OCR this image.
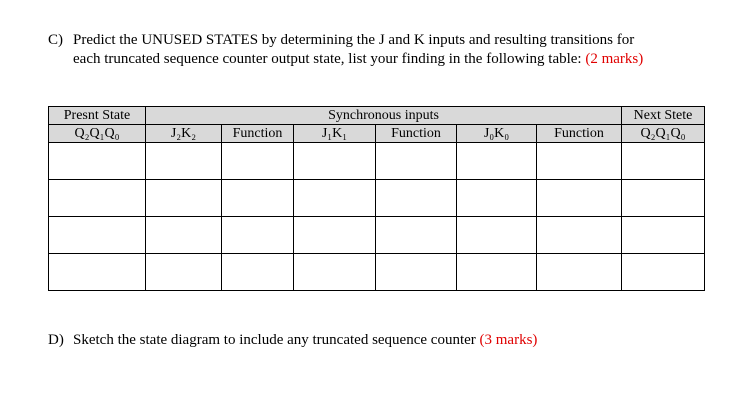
C) Predict the UNUSED STATES by determining the J and K inputs and resulting transitions for
each truncated sequence counter output state, list your finding in the following table: (2 marks)
Presnt State	Synchronous inputs						Next Stete
Q₂Q₁Q₀	J₂K₂	Function	J₁K₁	Function	J₀K₀	Function	Q₂Q₁Q₀

D) Sketch the state diagram to include any truncated sequence counter (3 marks)
